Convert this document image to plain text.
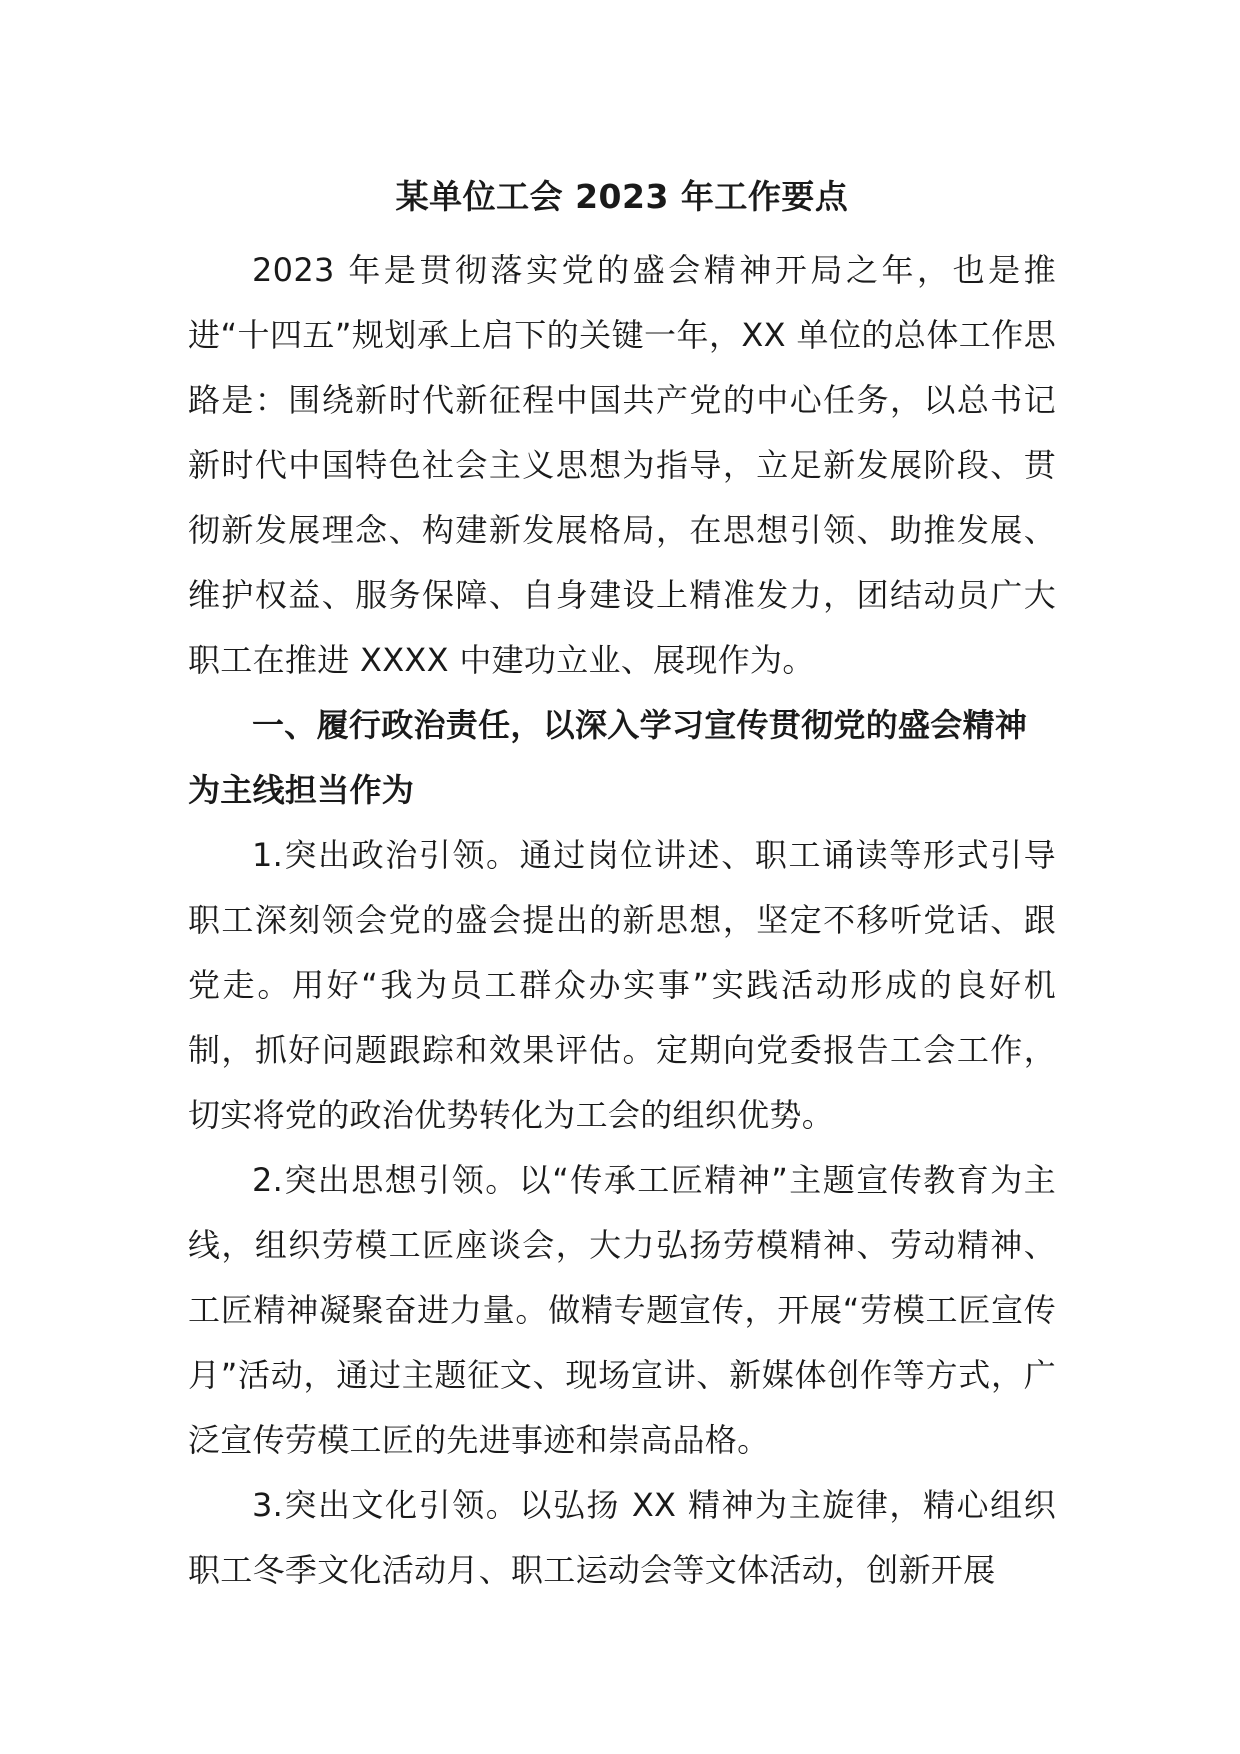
某单位工会 2023 年工作要点

2023 年是贯彻落实党的盛会精神开局之年，也是推进“十四五”规划承上启下的关键一年，XX 单位的总体工作思路是：围绕新时代新征程中国共产党的中心任务，以总书记新时代中国特色社会主义思想为指导，立足新发展阶段、贯彻新发展理念、构建新发展格局，在思想引领、助推发展、维护权益、服务保障、自身建设上精准发力，团结动员广大职工在推进 XXXX 中建功立业、展现作为。

一、履行政治责任，以深入学习宣传贯彻党的盛会精神为主线担当作为

1.突出政治引领。通过岗位讲述、职工诵读等形式引导职工深刻领会党的盛会提出的新思想，坚定不移听党话、跟党走。用好“我为员工群众办实事”实践活动形成的良好机制，抓好问题跟踪和效果评估。定期向党委报告工会工作，切实将党的政治优势转化为工会的组织优势。

2.突出思想引领。以“传承工匠精神”主题宣传教育为主线，组织劳模工匠座谈会，大力弘扬劳模精神、劳动精神、工匠精神凝聚奋进力量。做精专题宣传，开展“劳模工匠宣传月”活动，通过主题征文、现场宣讲、新媒体创作等方式，广泛宣传劳模工匠的先进事迹和崇高品格。

3.突出文化引领。以弘扬 XX 精神为主旋律，精心组织职工冬季文化活动月、职工运动会等文体活动，创新开展
